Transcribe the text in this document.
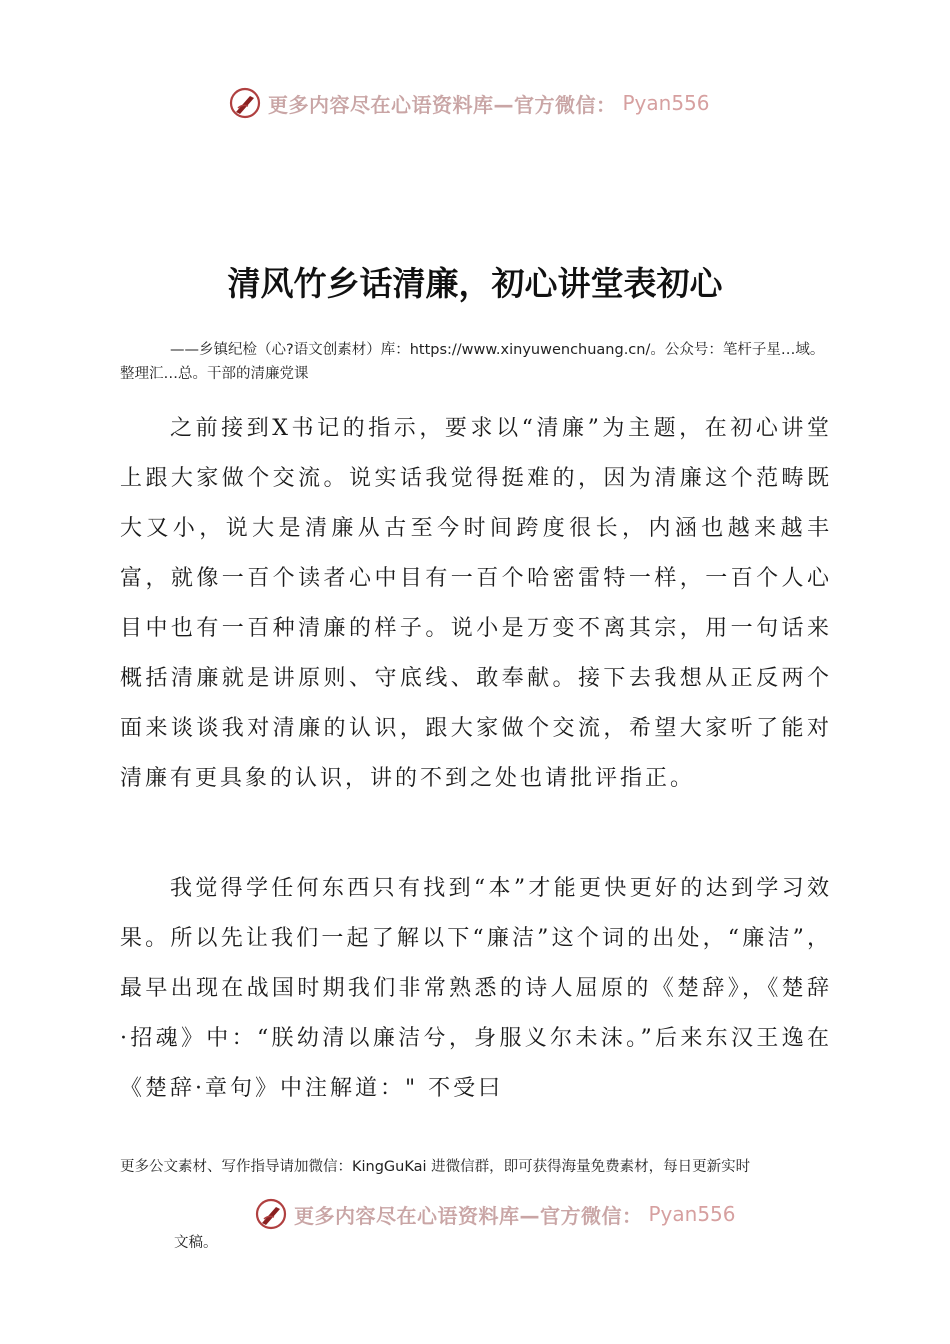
更多内容尽在心语资料库—官方微信： Pyan556
清风竹乡话清廉，初心讲堂表初心
——乡镇纪检（心?语文创素材）库：https://www.xinyuwenchuang.cn/。公众号：笔杆子星…域。整理汇…总。干部的清廉党课

之前接到X书记的指示，要求以“清廉”为主题，在初心讲堂上跟大家做个交流。说实话我觉得挺难的，因为清廉这个范畴既大又小，说大是清廉从古至今时间跨度很长，内涵也越来越丰富，就像一百个读者心中目有一百个哈密雷特一样，一百个人心目中也有一百种清廉的样子。说小是万变不离其宗，用一句话来概括清廉就是讲原则、守底线、敢奉献。接下去我想从正反两个面来谈谈我对清廉的认识，跟大家做个交流，希望大家听了能对清廉有更具象的认识，讲的不到之处也请批评指正。

我觉得学任何东西只有找到“本”才能更快更好的达到学习效果。所以先让我们一起了解以下“廉洁”这个词的出处，“廉洁”，最早出现在战国时期我们非常熟悉的诗人屈原的《楚辞》，《楚辞·招魂》中：“朕幼清以廉洁兮，身服义尔未沫。”后来东汉王逸在《楚辞·章句》中注解道：" 不受曰

更多公文素材、写作指导请加微信：KingGuKai 进微信群，即可获得海量免费素材，每日更新实时
更多内容尽在心语资料库—官方微信： Pyan556
文稿。
